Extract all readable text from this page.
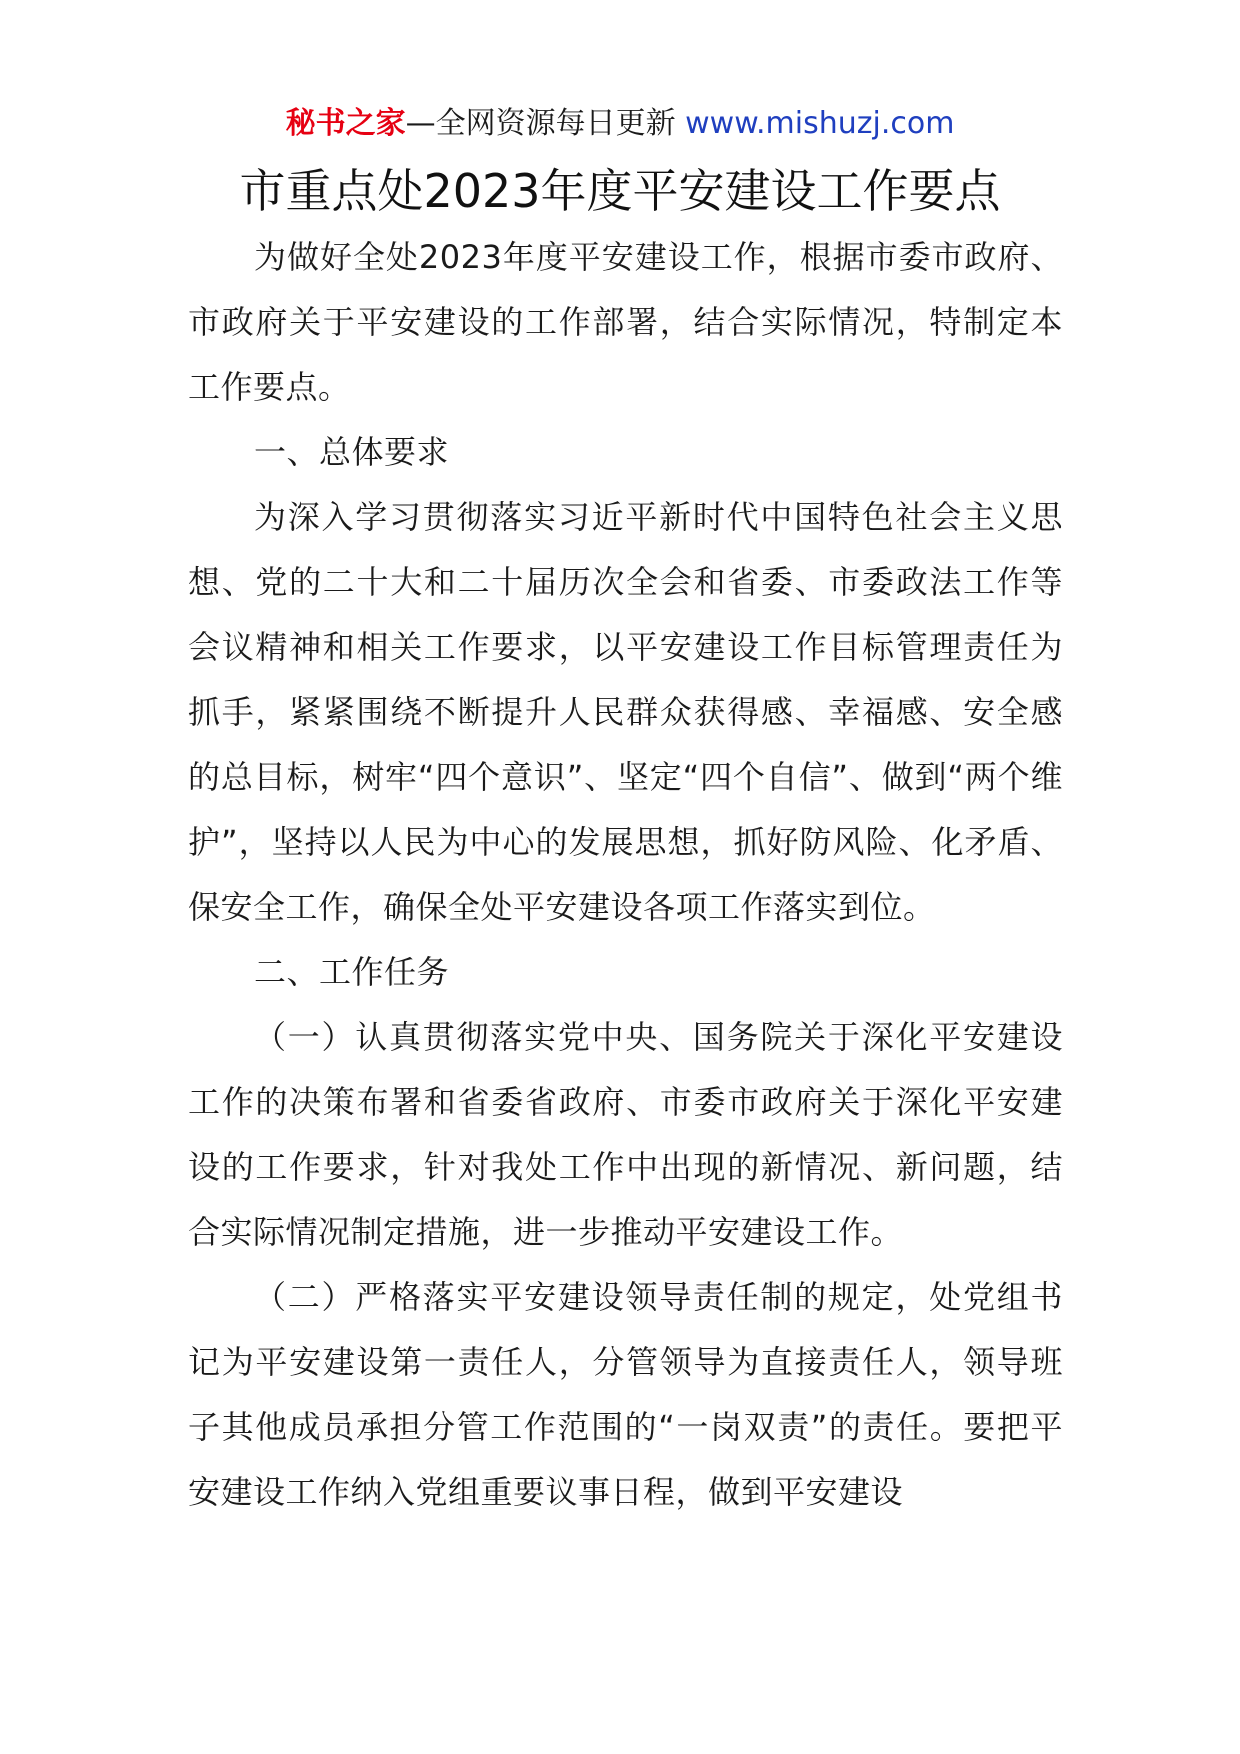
秘书之家—全网资源每日更新 www.mishuzj.com
市重点处2023年度平安建设工作要点

为做好全处2023年度平安建设工作，根据市委市政府、市政府关于平安建设的工作部署，结合实际情况，特制定本工作要点。

一、总体要求

为深入学习贯彻落实习近平新时代中国特色社会主义思想、党的二十大和二十届历次全会和省委、市委政法工作等会议精神和相关工作要求，以平安建设工作目标管理责任为抓手，紧紧围绕不断提升人民群众获得感、幸福感、安全感的总目标，树牢“四个意识”、坚定“四个自信”、做到“两个维护”，坚持以人民为中心的发展思想，抓好防风险、化矛盾、保安全工作，确保全处平安建设各项工作落实到位。

二、工作任务

（一）认真贯彻落实党中央、国务院关于深化平安建设工作的决策布署和省委省政府、市委市政府关于深化平安建设的工作要求，针对我处工作中出现的新情况、新问题，结合实际情况制定措施，进一步推动平安建设工作。

（二）严格落实平安建设领导责任制的规定，处党组书记为平安建设第一责任人，分管领导为直接责任人，领导班子其他成员承担分管工作范围的“一岗双责”的责任。要把平安建设工作纳入党组重要议事日程，做到平安建设
